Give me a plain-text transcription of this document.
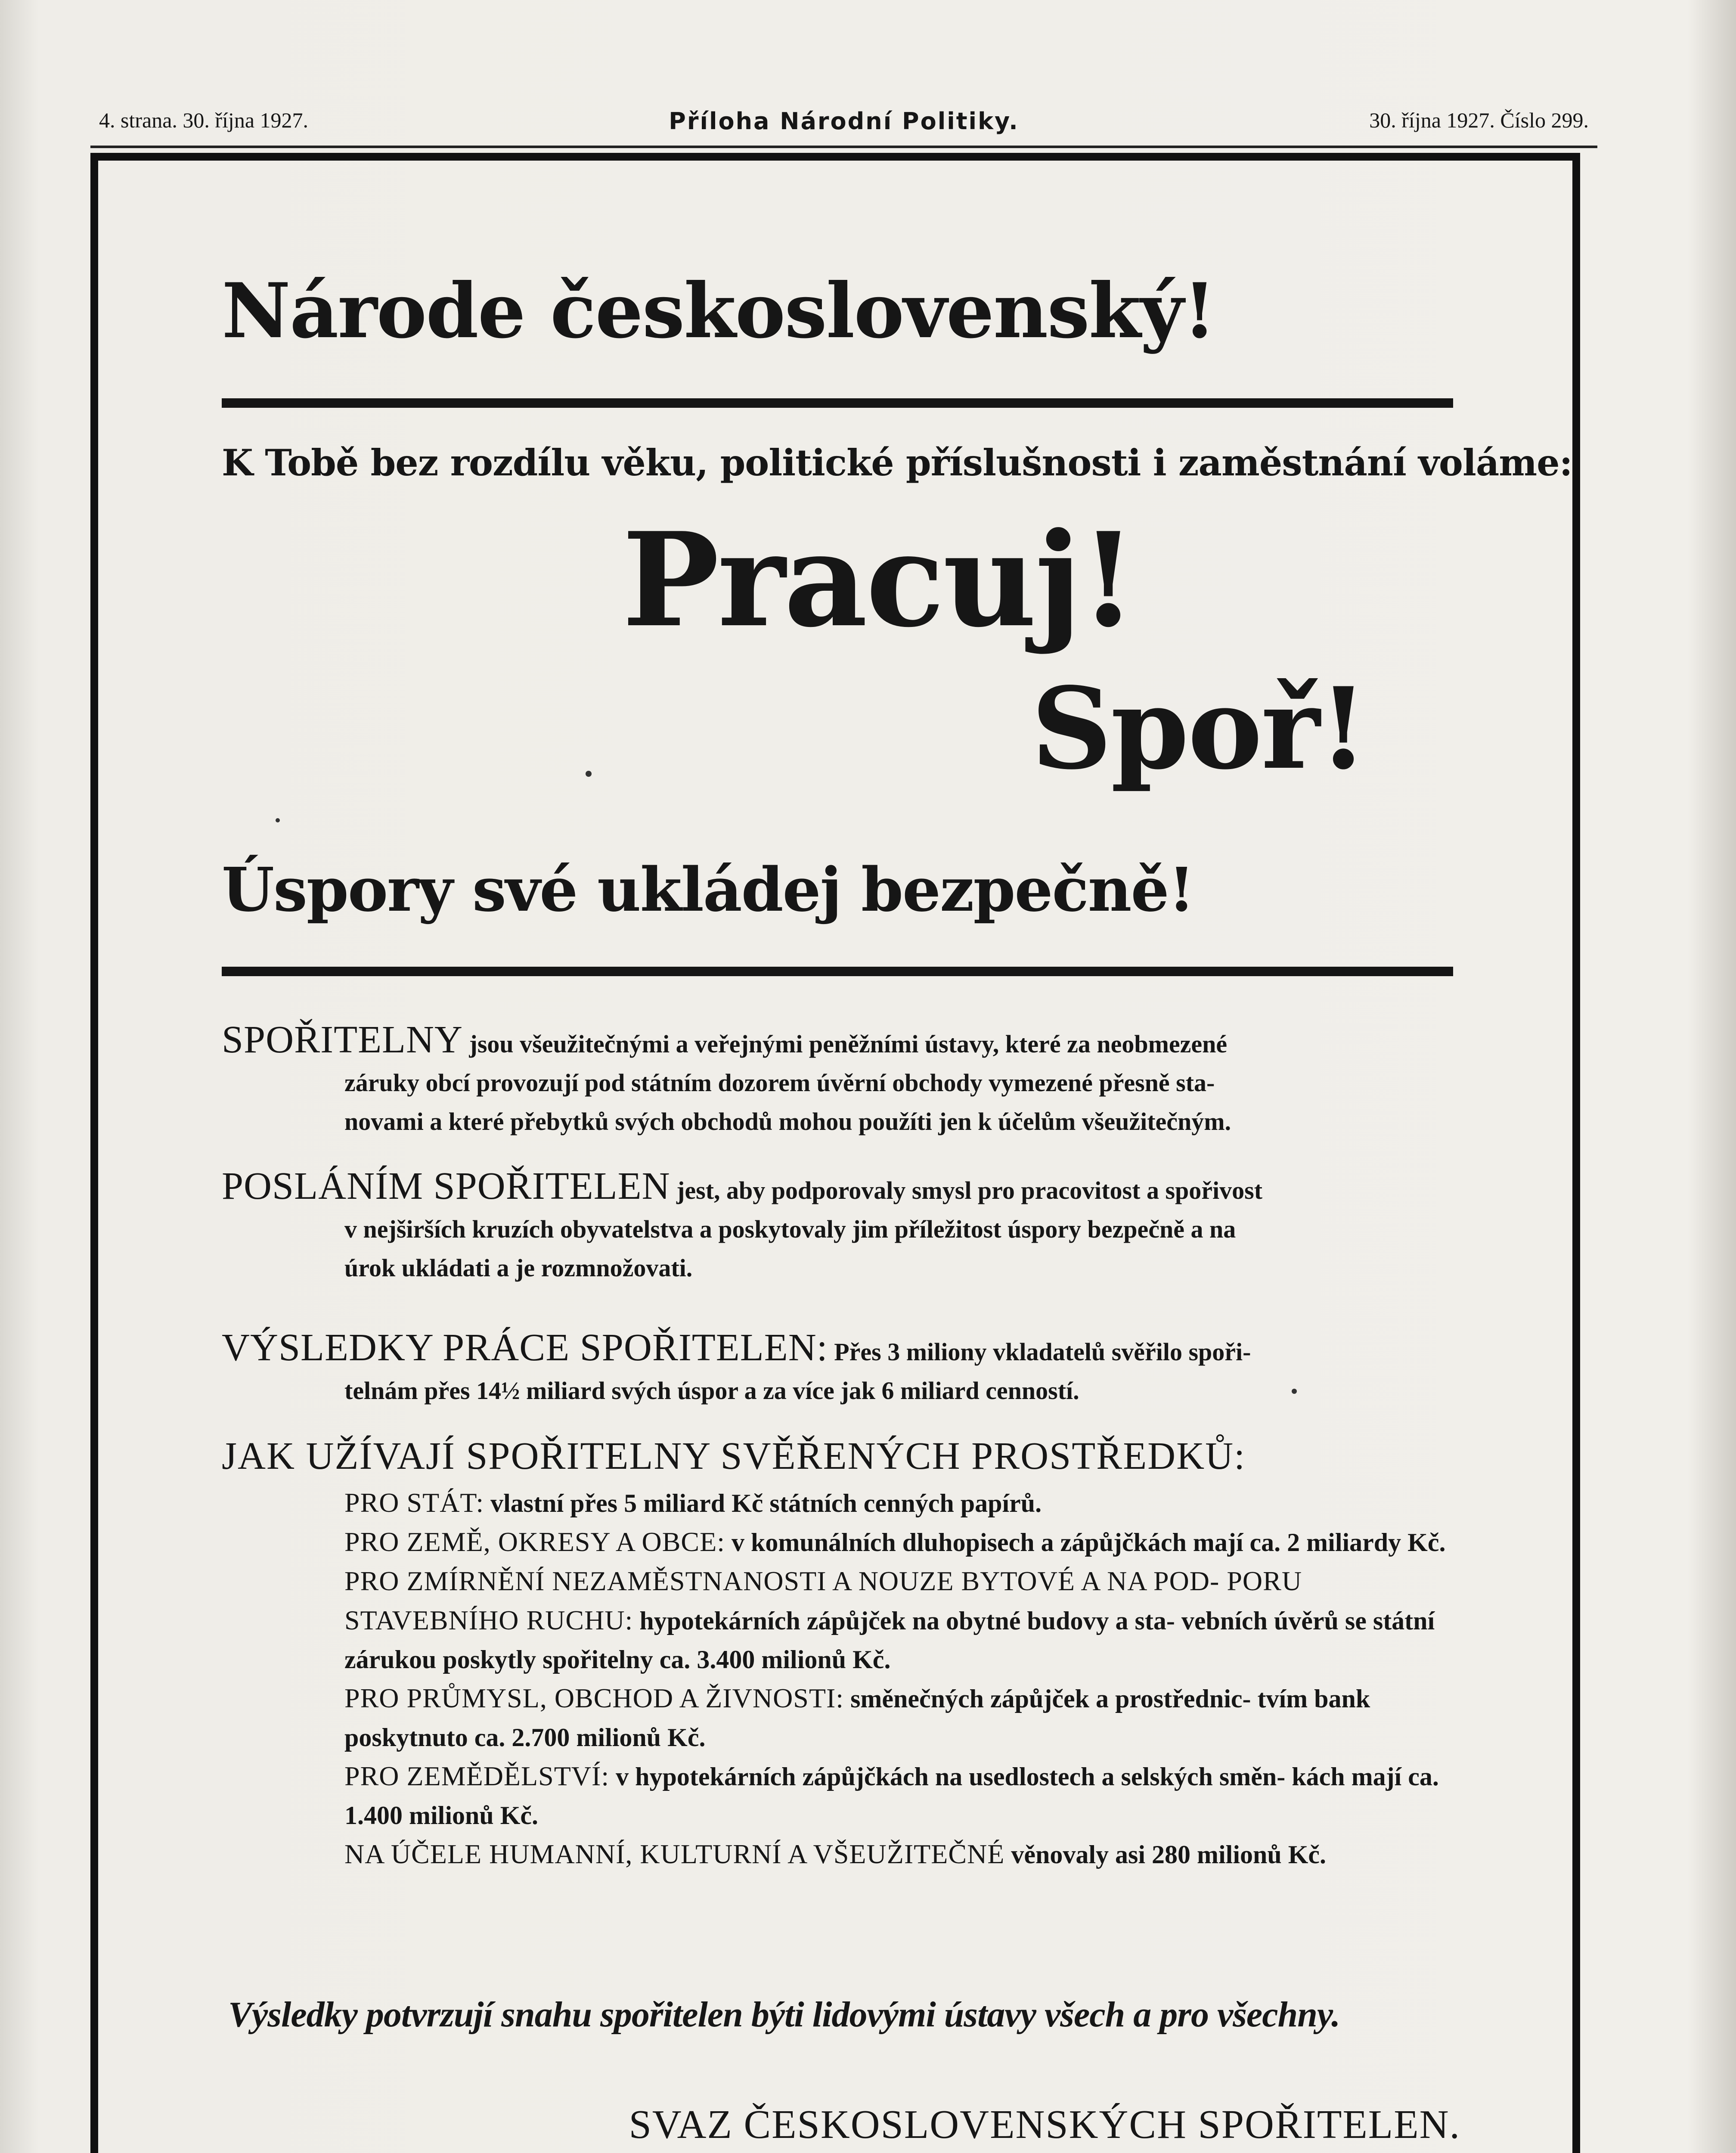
4. strana. 30. října 1927.	Příloha Národní Politiky.	30. října 1927. Číslo 299.
Národe československý!
K Tobě bez rozdílu věku, politické příslušnosti i zaměstnání voláme:
Pracuj!
Spoř!
Úspory své ukládej bezpečně!
SPOŘITELNY jsou všeužitečnými a veřejnými peněžními ústavy, které za neobmezené
záruky obcí provozují pod státním dozorem úvěrní obchody vymezené přesně sta-
novami a které přebytků svých obchodů mohou použíti jen k účelům všeužitečným.
POSLÁNÍM SPOŘITELEN jest, aby podporovaly smysl pro pracovitost a spořivost
v nejširších kruzích obyvatelstva a poskytovaly jim příležitost úspory bezpečně a na
úrok ukládati a je rozmnožovati.
VÝSLEDKY PRÁCE SPOŘITELEN: Přes 3 miliony vkladatelů svěřilo spoři-
telnám přes 14½ miliard svých úspor a za více jak 6 miliard cenností.
JAK UŽÍVAJÍ SPOŘITELNY SVĚŘENÝCH PROSTŘEDKŮ:
PRO STÁT: vlastní přes 5 miliard Kč státních cenných papírů.
PRO ZEMĚ, OKRESY A OBCE: v komunálních dluhopisech a zápůjčkách mají ca. 2 miliardy Kč.
PRO ZMÍRNĚNÍ NEZAMĚSTNANOSTI A NOUZE BYTOVÉ A NA POD- PORU STAVEBNÍHO RUCHU: hypotekárních zápůjček na obytné budovy a sta- vebních úvěrů se státní zárukou poskytly spořitelny ca. 3.400 milionů Kč.
PRO PRŮMYSL, OBCHOD A ŽIVNOSTI: směnečných zápůjček a prostřednic- tvím bank poskytnuto ca. 2.700 milionů Kč.
PRO ZEMĚDĚLSTVÍ: v hypotekárních zápůjčkách na usedlostech a selských směn- kách mají ca. 1.400 milionů Kč.
NA ÚČELE HUMANNÍ, KULTURNÍ A VŠEUŽITEČNÉ věnovaly asi 280 milionů Kč.
Výsledky potvrzují snahu spořitelen býti lidovými ústavy všech a pro všechny.
SVAZ ČESKOSLOVENSKÝCH SPOŘITELEN.
